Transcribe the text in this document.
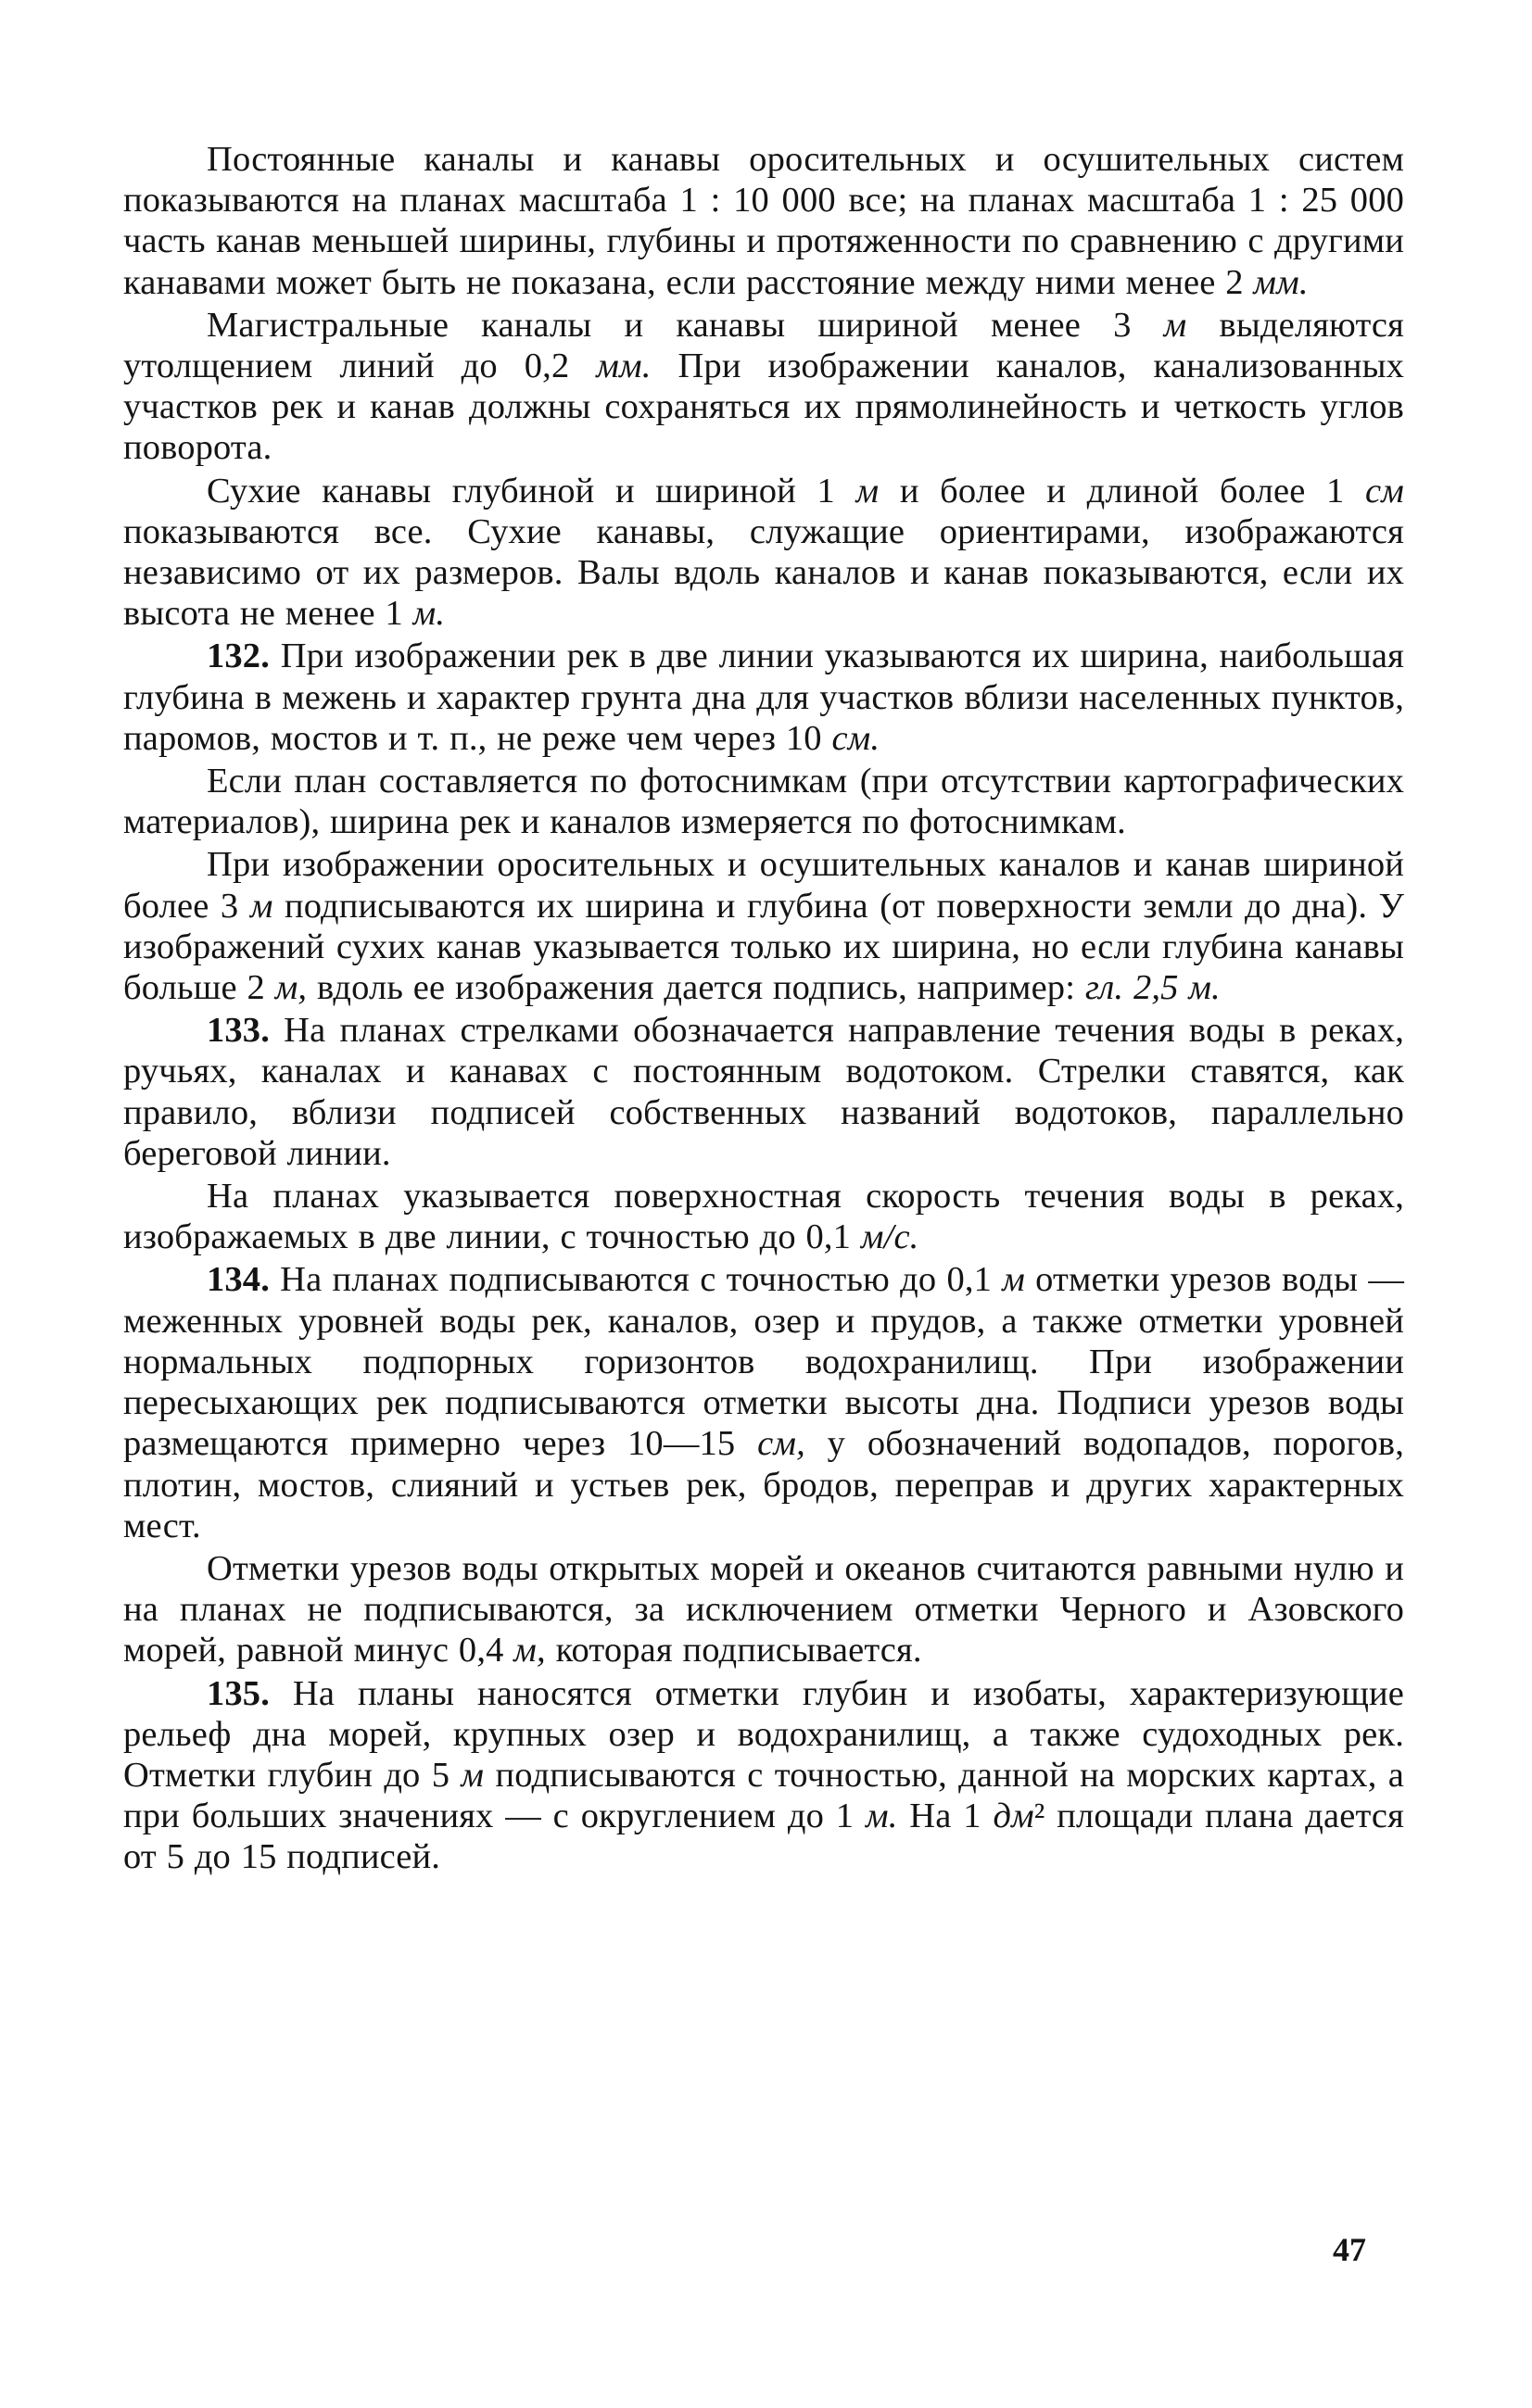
Постоянные каналы и канавы оросительных и осушительных систем показываются на планах масштаба 1 : 10 000 все; на планах масштаба 1 : 25 000 часть канав меньшей ширины, глубины и протяженности по сравнению с другими канавами может быть не показана, если расстояние между ними менее 2 мм.

Магистральные каналы и канавы шириной менее 3 м выделяются утолщением линий до 0,2 мм. При изображении каналов, канализованных участков рек и канав должны сохраняться их прямолинейность и четкость углов поворота.

Сухие канавы глубиной и шириной 1 м и более и длиной более 1 см показываются все. Сухие канавы, служащие ориентирами, изображаются независимо от их размеров. Валы вдоль каналов и канав показываются, если их высота не менее 1 м.

132. При изображении рек в две линии указываются их ширина, наибольшая глубина в межень и характер грунта дна для участков вблизи населенных пунктов, паромов, мостов и т. п., не реже чем через 10 см.

Если план составляется по фотоснимкам (при отсутствии картографических материалов), ширина рек и каналов измеряется по фотоснимкам.

При изображении оросительных и осушительных каналов и канав шириной более 3 м подписываются их ширина и глубина (от поверхности земли до дна). У изображений сухих канав указывается только их ширина, но если глубина канавы больше 2 м, вдоль ее изображения дается подпись, например: гл. 2,5 м.

133. На планах стрелками обозначается направление течения воды в реках, ручьях, каналах и канавах с постоянным водотоком. Стрелки ставятся, как правило, вблизи подписей собственных названий водотоков, параллельно береговой линии.

На планах указывается поверхностная скорость течения воды в реках, изображаемых в две линии, с точностью до 0,1 м/с.

134. На планах подписываются с точностью до 0,1 м отметки урезов воды — меженных уровней воды рек, каналов, озер и прудов, а также отметки уровней нормальных подпорных горизонтов водохранилищ. При изображении пересыхающих рек подписываются отметки высоты дна. Подписи урезов воды размещаются примерно через 10—15 см, у обозначений водопадов, порогов, плотин, мостов, слияний и устьев рек, бродов, переправ и других характерных мест.

Отметки урезов воды открытых морей и океанов считаются равными нулю и на планах не подписываются, за исключением отметки Черного и Азовского морей, равной минус 0,4 м, которая подписывается.

135. На планы наносятся отметки глубин и изобаты, характеризующие рельеф дна морей, крупных озер и водохранилищ, а также судоходных рек. Отметки глубин до 5 м подписываются с точностью, данной на морских картах, а при больших значениях — с округлением до 1 м. На 1 дм² площади плана дается от 5 до 15 подписей.

47
